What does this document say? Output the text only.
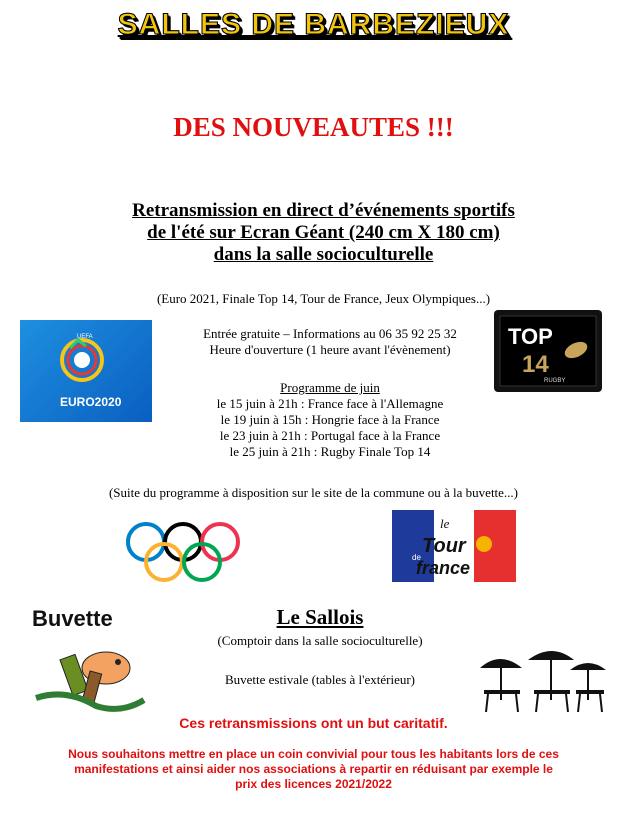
SALLES DE BARBEZIEUX
DES NOUVEAUTES !!!
Retransmission en direct d’événements sportifs
de l'été sur Ecran Géant (240 cm X 180 cm)
dans la salle socioculturelle
(Euro 2021, Finale Top 14, Tour de France, Jeux Olympiques...)
Entrée gratuite – Informations au 06 35 92 25 32
Heure d'ouverture (1 heure avant l'évènement)
Programme de juin
le 15 juin à 21h : France face à l'Allemagne
le 19 juin à 15h : Hongrie face à la France
le 23 juin à 21h : Portugal face à la France
le 25 juin à 21h : Rugby Finale Top 14
(Suite du programme à disposition sur le site de la commune ou à la buvette...)
Le Sallois
(Comptoir dans la salle socioculturelle)
Buvette estivale (tables à l'extérieur)
Ces retransmissions ont un but caritatif.
Nous souhaitons mettre en place un coin convivial pour tous les habitants lors de ces
manifestations et ainsi aider nos associations à repartir en réduisant par exemple le
prix des licences 2021/2022
UEFA
EURO2020
TOP
14
RUGBY
le
Tour
de
france
Buvette
